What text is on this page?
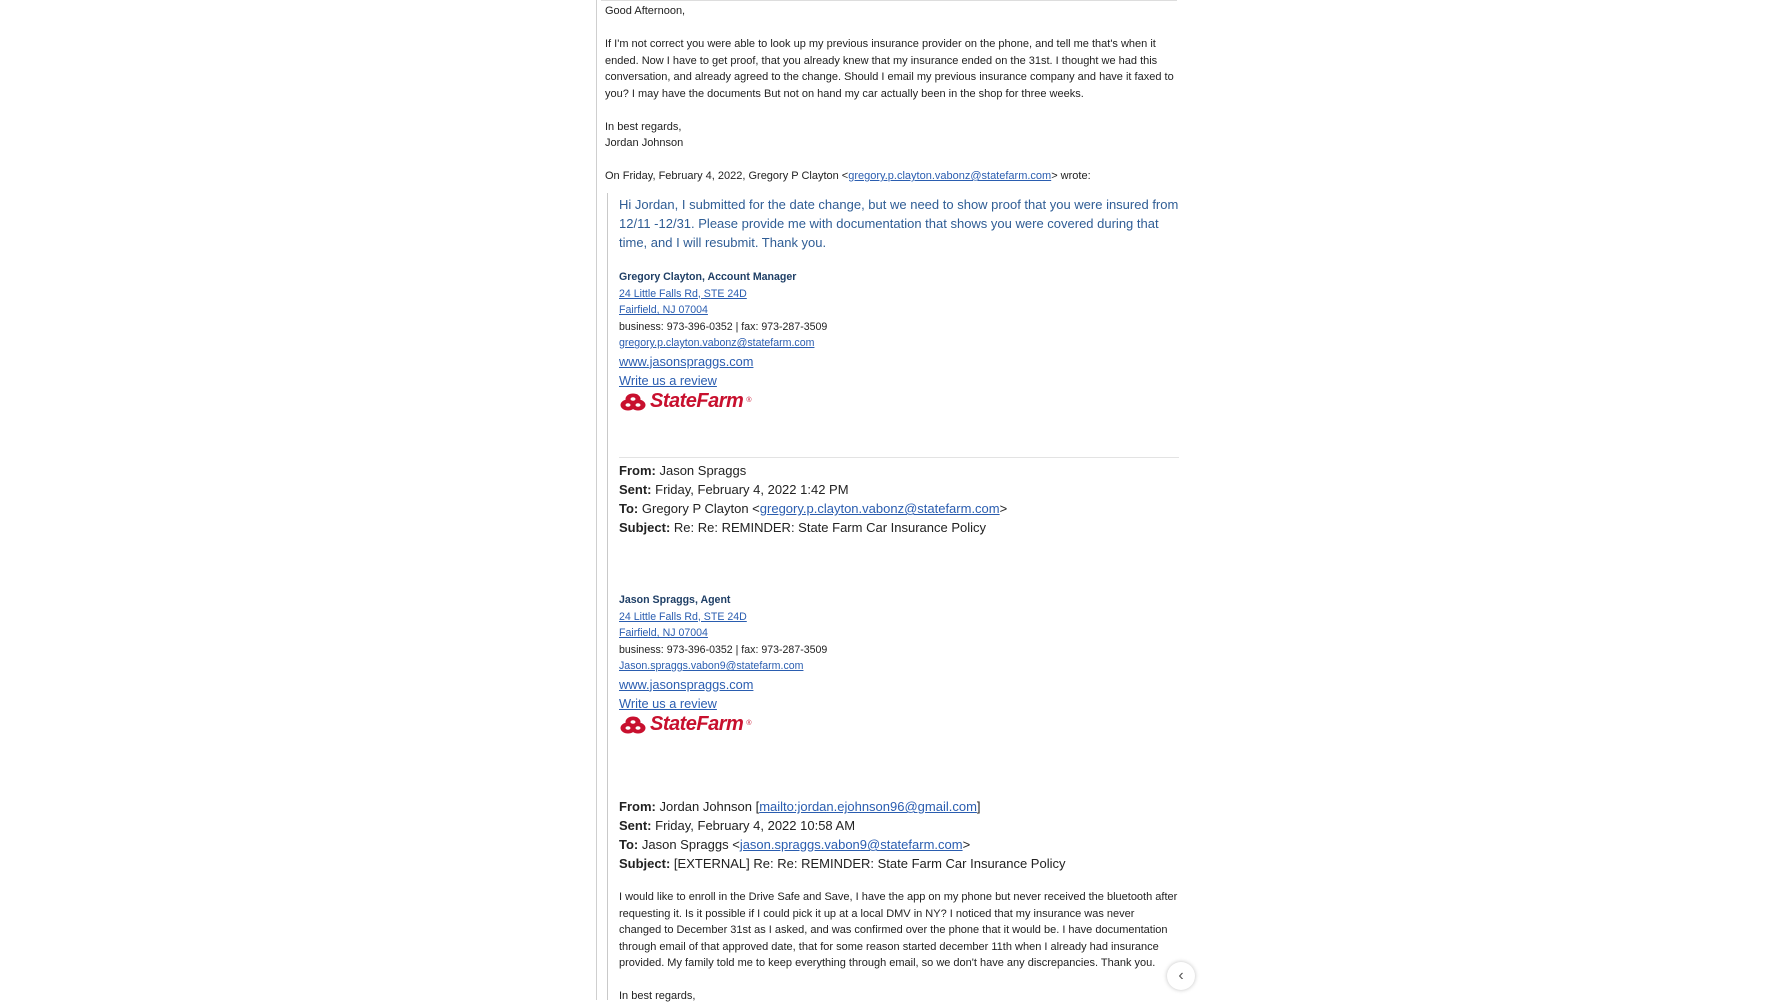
Good Afternoon,

If I'm not correct you were able to look up my previous insurance provider on the phone, and tell me that's when it ended. Now I have to get proof, that you already knew that my insurance ended on the 31st. I thought we had this conversation, and already agreed to the change. Should I email my previous insurance company and have it faxed to you? I may have the documents But not on hand my car actually been in the shop for three weeks.

In best regards,

Jordan Johnson

On Friday, February 4, 2022, Gregory P Clayton <gregory.p.clayton.vabonz@statefarm.com> wrote:

Hi Jordan, I submitted for the date change, but we need to show proof that you were insured from 12/11 -12/31. Please provide me with documentation that shows you were covered during that time, and I will resubmit. Thank you.
Gregory Clayton, Account Manager
24 Little Falls Rd, STE 24D
Fairfield, NJ 07004
business: 973-396-0352 | fax: 973-287-3509
gregory.p.clayton.vabonz@statefarm.com
www.jasonspraggs.com
Write us a review
StateFarm ®
From: Jason Spraggs
Sent: Friday, February 4, 2022 1:42 PM
To: Gregory P Clayton <gregory.p.clayton.vabonz@statefarm.com>
Subject: Re: Re: REMINDER: State Farm Car Insurance Policy
Jason Spraggs, Agent
24 Little Falls Rd, STE 24D
Fairfield, NJ 07004
business: 973-396-0352 | fax: 973-287-3509
Jason.spraggs.vabon9@statefarm.com
www.jasonspraggs.com
Write us a review
StateFarm ®
From: Jordan Johnson [mailto:jordan.ejohnson96@gmail.com]
Sent: Friday, February 4, 2022 10:58 AM
To: Jason Spraggs <jason.spraggs.vabon9@statefarm.com>
Subject: [EXTERNAL] Re: Re: REMINDER: State Farm Car Insurance Policy
I would like to enroll in the Drive Safe and Save, I have the app on my phone but never received the bluetooth after requesting it. Is it possible if I could pick it up at a local DMV in NY? I noticed that my insurance was never changed to December 31st as I asked, and was confirmed over the phone that it would be. I have documentation through email of that approved date, that for some reason started december 11th when I already had insurance provided. My family told me to keep everything through email, so we don't have any discrepancies. Thank you.
In best regards,
‹
